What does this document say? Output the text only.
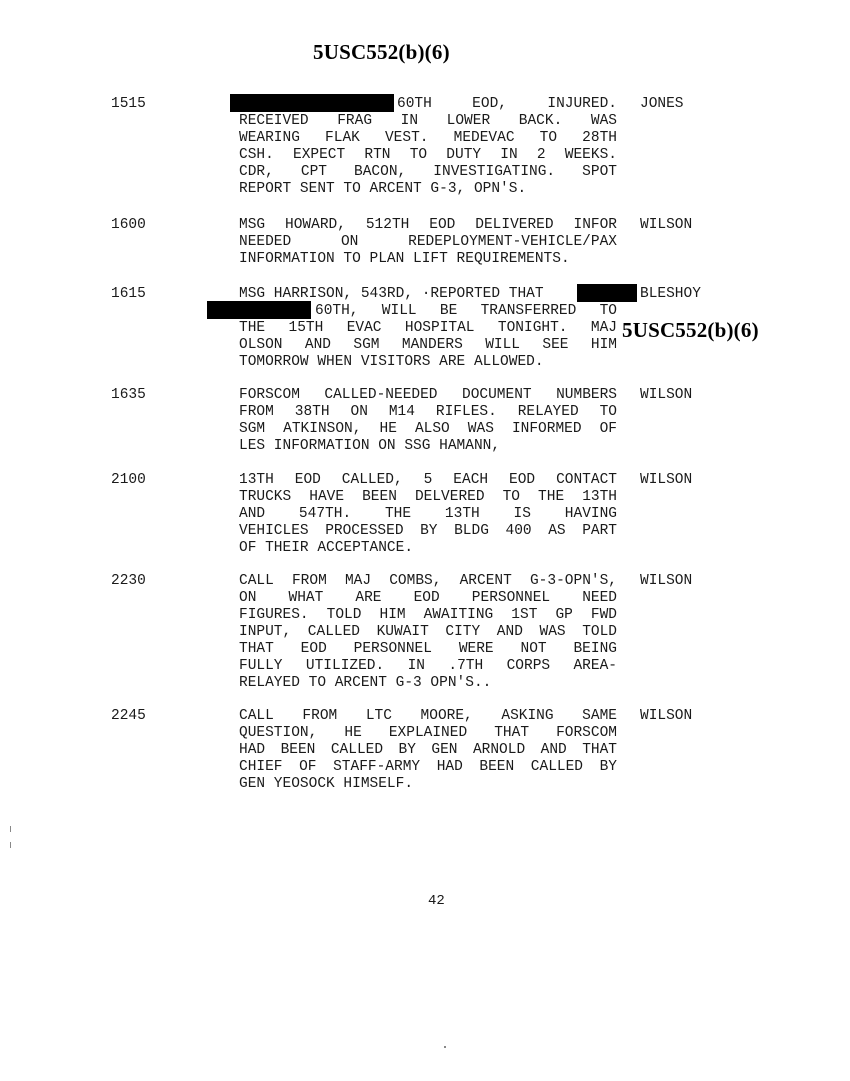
5USC552(b)(6)
1515	60TH EOD, INJURED.
RECEIVED FRAG IN LOWER BACK. WAS
WEARING FLAK VEST. MEDEVAC TO 28TH
CSH. EXPECT RTN TO DUTY IN 2 WEEKS.
CDR, CPT BACON, INVESTIGATING. SPOT
REPORT SENT TO ARCENT G-3, OPN'S.
JONES
1600	MSG HOWARD, 512TH EOD DELIVERED INFOR
NEEDED ON REDEPLOYMENT-VEHICLE/PAX
INFORMATION TO PLAN LIFT REQUIREMENTS.
WILSON
1615	MSG HARRISON, 543RD, ·REPORTED THAT
60TH, WILL BE TRANSFERRED TO
THE 15TH EVAC HOSPITAL TONIGHT. MAJ
OLSON AND SGM MANDERS WILL SEE HIM
TOMORROW WHEN VISITORS ARE ALLOWED.
BLESHOY
5USC552(b)(6)
1635	FORSCOM CALLED-NEEDED DOCUMENT NUMBERS
FROM 38TH ON M14 RIFLES. RELAYED TO
SGM ATKINSON, HE ALSO WAS INFORMED OF
LES INFORMATION ON SSG HAMANN,
WILSON
2100	13TH EOD CALLED, 5 EACH EOD CONTACT
TRUCKS HAVE BEEN DELVERED TO THE 13TH
AND 547TH. THE 13TH IS HAVING
VEHICLES PROCESSED BY BLDG 400 AS PART
OF THEIR ACCEPTANCE.
WILSON
2230	CALL FROM MAJ COMBS, ARCENT G-3-OPN'S,
ON WHAT ARE EOD PERSONNEL NEED
FIGURES. TOLD HIM AWAITING 1ST GP FWD
INPUT, CALLED KUWAIT CITY AND WAS TOLD
THAT EOD PERSONNEL WERE NOT BEING
FULLY UTILIZED. IN .7TH CORPS AREA-
RELAYED TO ARCENT G-3 OPN'S..
WILSON
2245	CALL FROM LTC MOORE, ASKING SAME
QUESTION, HE EXPLAINED THAT FORSCOM
HAD BEEN CALLED BY GEN ARNOLD AND THAT
CHIEF OF STAFF-ARMY HAD BEEN CALLED BY
GEN YEOSOCK HIMSELF.
WILSON
42
